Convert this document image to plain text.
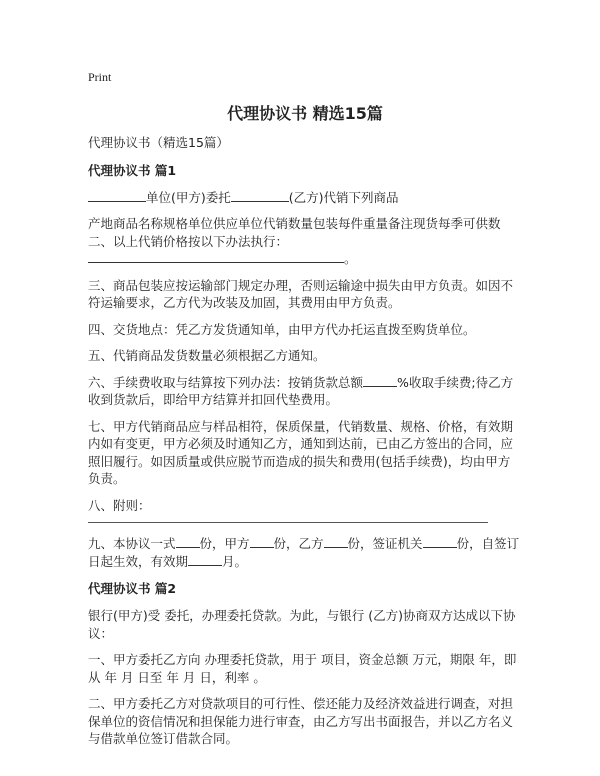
Print
代理协议书 精选15篇

代理协议书（精选15篇）

代理协议书 篇1

单位(甲方)委托	(乙方)代销下列商品

产地商品名称规格单位供应单位代销数量包装每件重量备注现货每季可供数二、以上代销价格按以下办法执行： 。

三、商品包装应按运输部门规定办理，否则运输途中损失由甲方负责。如因不符运输要求，乙方代为改装及加固，其费用由甲方负责。

四、交货地点：凭乙方发货通知单，由甲方代办托运直拨至购货单位。

五、代销商品发货数量必须根据乙方通知。

六、手续费收取与结算按下列办法：按销货款总额	%收取手续费;待乙方收到货款后，即给甲方结算并扣回代垫费用。

七、甲方代销商品应与样品相符，保质保量，代销数量、规格、价格，有效期内如有变更，甲方必须及时通知乙方，通知到达前，已由乙方签出的合同，应照旧履行。如因质量或供应脱节而造成的损失和费用(包括手续费)，均由甲方负责。

八、附则：

九、本协议一式 份，甲方 份，乙方 份，签证机关	份，自签订日起生效，有效期	月。

代理协议书 篇2

银行(甲方)受 委托，办理委托贷款。为此，与银行 (乙方)协商双方达成以下协议：

一、甲方委托乙方向 办理委托贷款，用于 项目，资金总额 万元，期限 年，即从 年 月 日至 年 月 日，利率 。

二、甲方委托乙方对贷款项目的可行性、偿还能力及经济效益进行调查，对担保单位的资信情况和担保能力进行审查，由乙方写出书面报告，并以乙方名义与借款单位签订借款合同。
